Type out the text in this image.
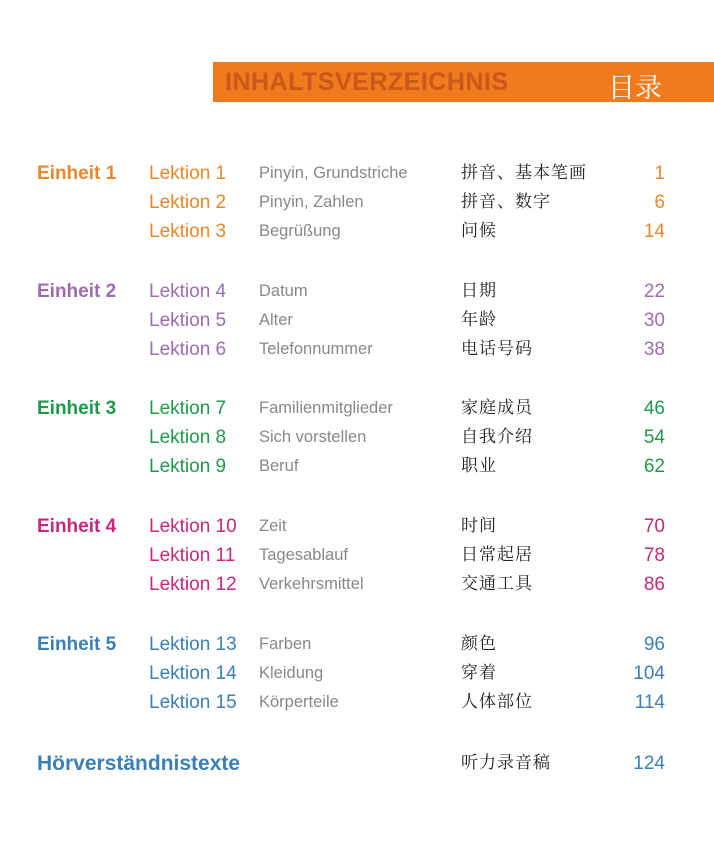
INHALTSVERZEICHNIS	目录
Einheit 1 Lektion 1 Pinyin, Grundstriche	拼音、基本笔画	1
Lektion 2 Pinyin, Zahlen	拼音、数字	6
Lektion 3 Begrüßung	问候	14
Einheit 2 Lektion 4 Datum	日期	22
Lektion 5 Alter	年龄	30
Lektion 6 Telefonnummer	电话号码	38
Einheit 3 Lektion 7 Familienmitglieder	家庭成员	46
Lektion 8 Sich vorstellen	自我介绍	54
Lektion 9 Beruf	职业	62
Einheit 4 Lektion 10 Zeit	时间	70
Lektion 11 Tagesablauf	日常起居	78
Lektion 12 Verkehrsmittel	交通工具	86
Einheit 5 Lektion 13 Farben	颜色	96
Lektion 14 Kleidung	穿着	104
Lektion 15 Körperteile	人体部位	114
Hörverständnistexte	听力录音稿	124
